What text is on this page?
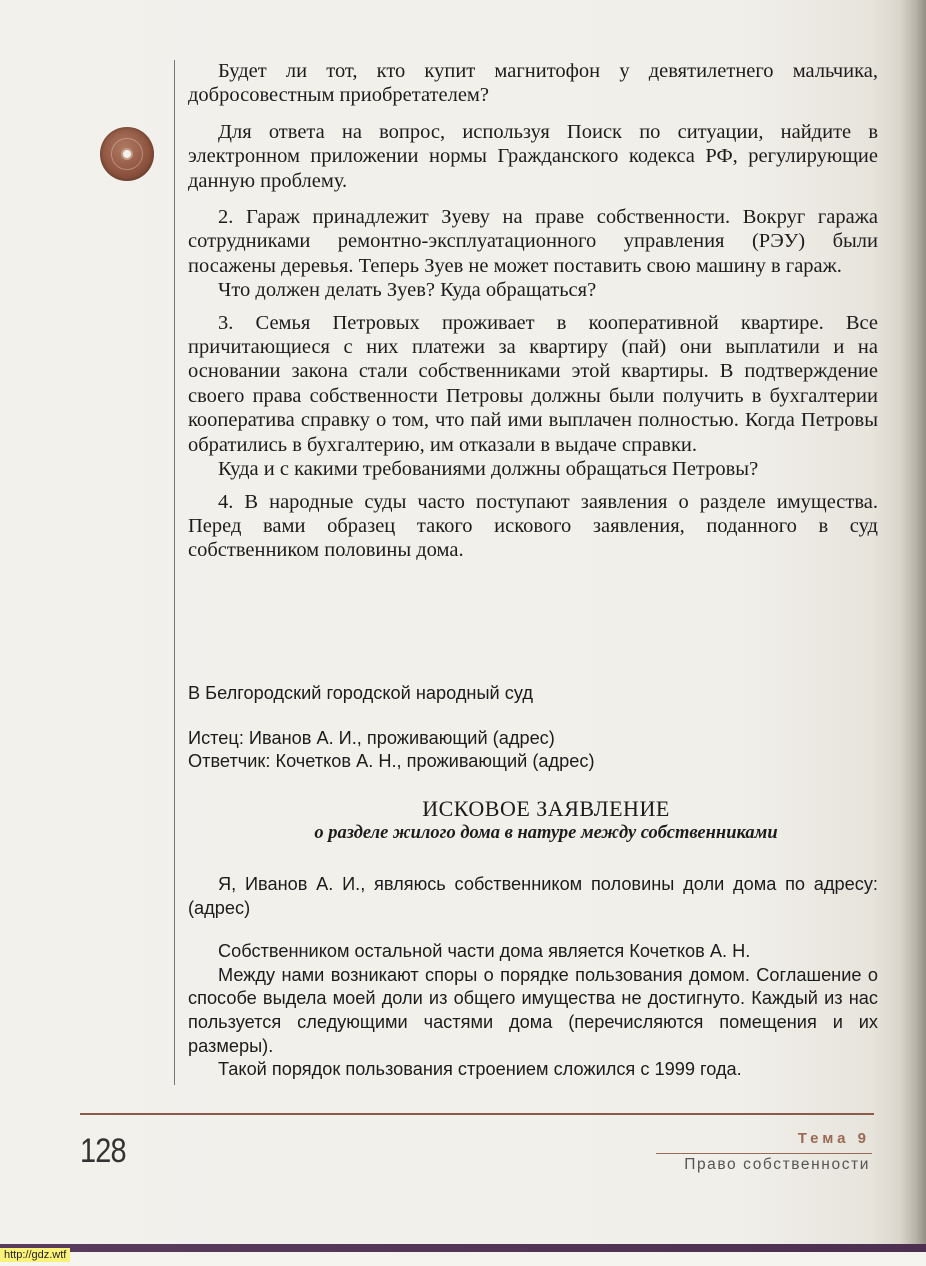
Будет ли тот, кто купит магнитофон у девятилетнего мальчика, добросовестным приобретателем?

Для ответа на вопрос, используя Поиск по ситуации, найдите в электронном приложении нормы Гражданского кодекса РФ, регулирующие данную проблему.

2. Гараж принадлежит Зуеву на праве собственности. Вокруг гаража сотрудниками ремонтно-эксплуатационного управления (РЭУ) были посажены деревья. Теперь Зуев не может поставить свою машину в гараж.

Что должен делать Зуев? Куда обращаться?

3. Семья Петровых проживает в кооперативной квартире. Все причитающиеся с них платежи за квартиру (пай) они выплатили и на основании закона стали собственниками этой квартиры. В подтверждение своего права собственности Петровы должны были получить в бухгалтерии кооператива справку о том, что пай ими выплачен полностью. Когда Петровы обратились в бухгалтерию, им отказали в выдаче справки.

Куда и с какими требованиями должны обращаться Петровы?

4. В народные суды часто поступают заявления о разделе имущества. Перед вами образец такого искового заявления, поданного в суд собственником половины дома.

В Белгородский городской народный суд
Истец: Иванов А. И., проживающий (адрес)
Ответчик: Кочетков А. Н., проживающий (адрес)
ИСКОВОЕ ЗАЯВЛЕНИЕ
о разделе жилого дома в натуре между собственниками

Я, Иванов А. И., являюсь собственником половины доли дома по адресу: (адрес)

Собственником остальной части дома является Кочетков А. Н.

Между нами возникают споры о порядке пользования домом. Соглашение о способе выдела моей доли из общего имущества не достигнуто. Каждый из нас пользуется следующими частями дома (перечисляются помещения и их размеры).

Такой порядок пользования строением сложился с 1999 года.

128	Тема 9
Право собственности
http://gdz.wtf
